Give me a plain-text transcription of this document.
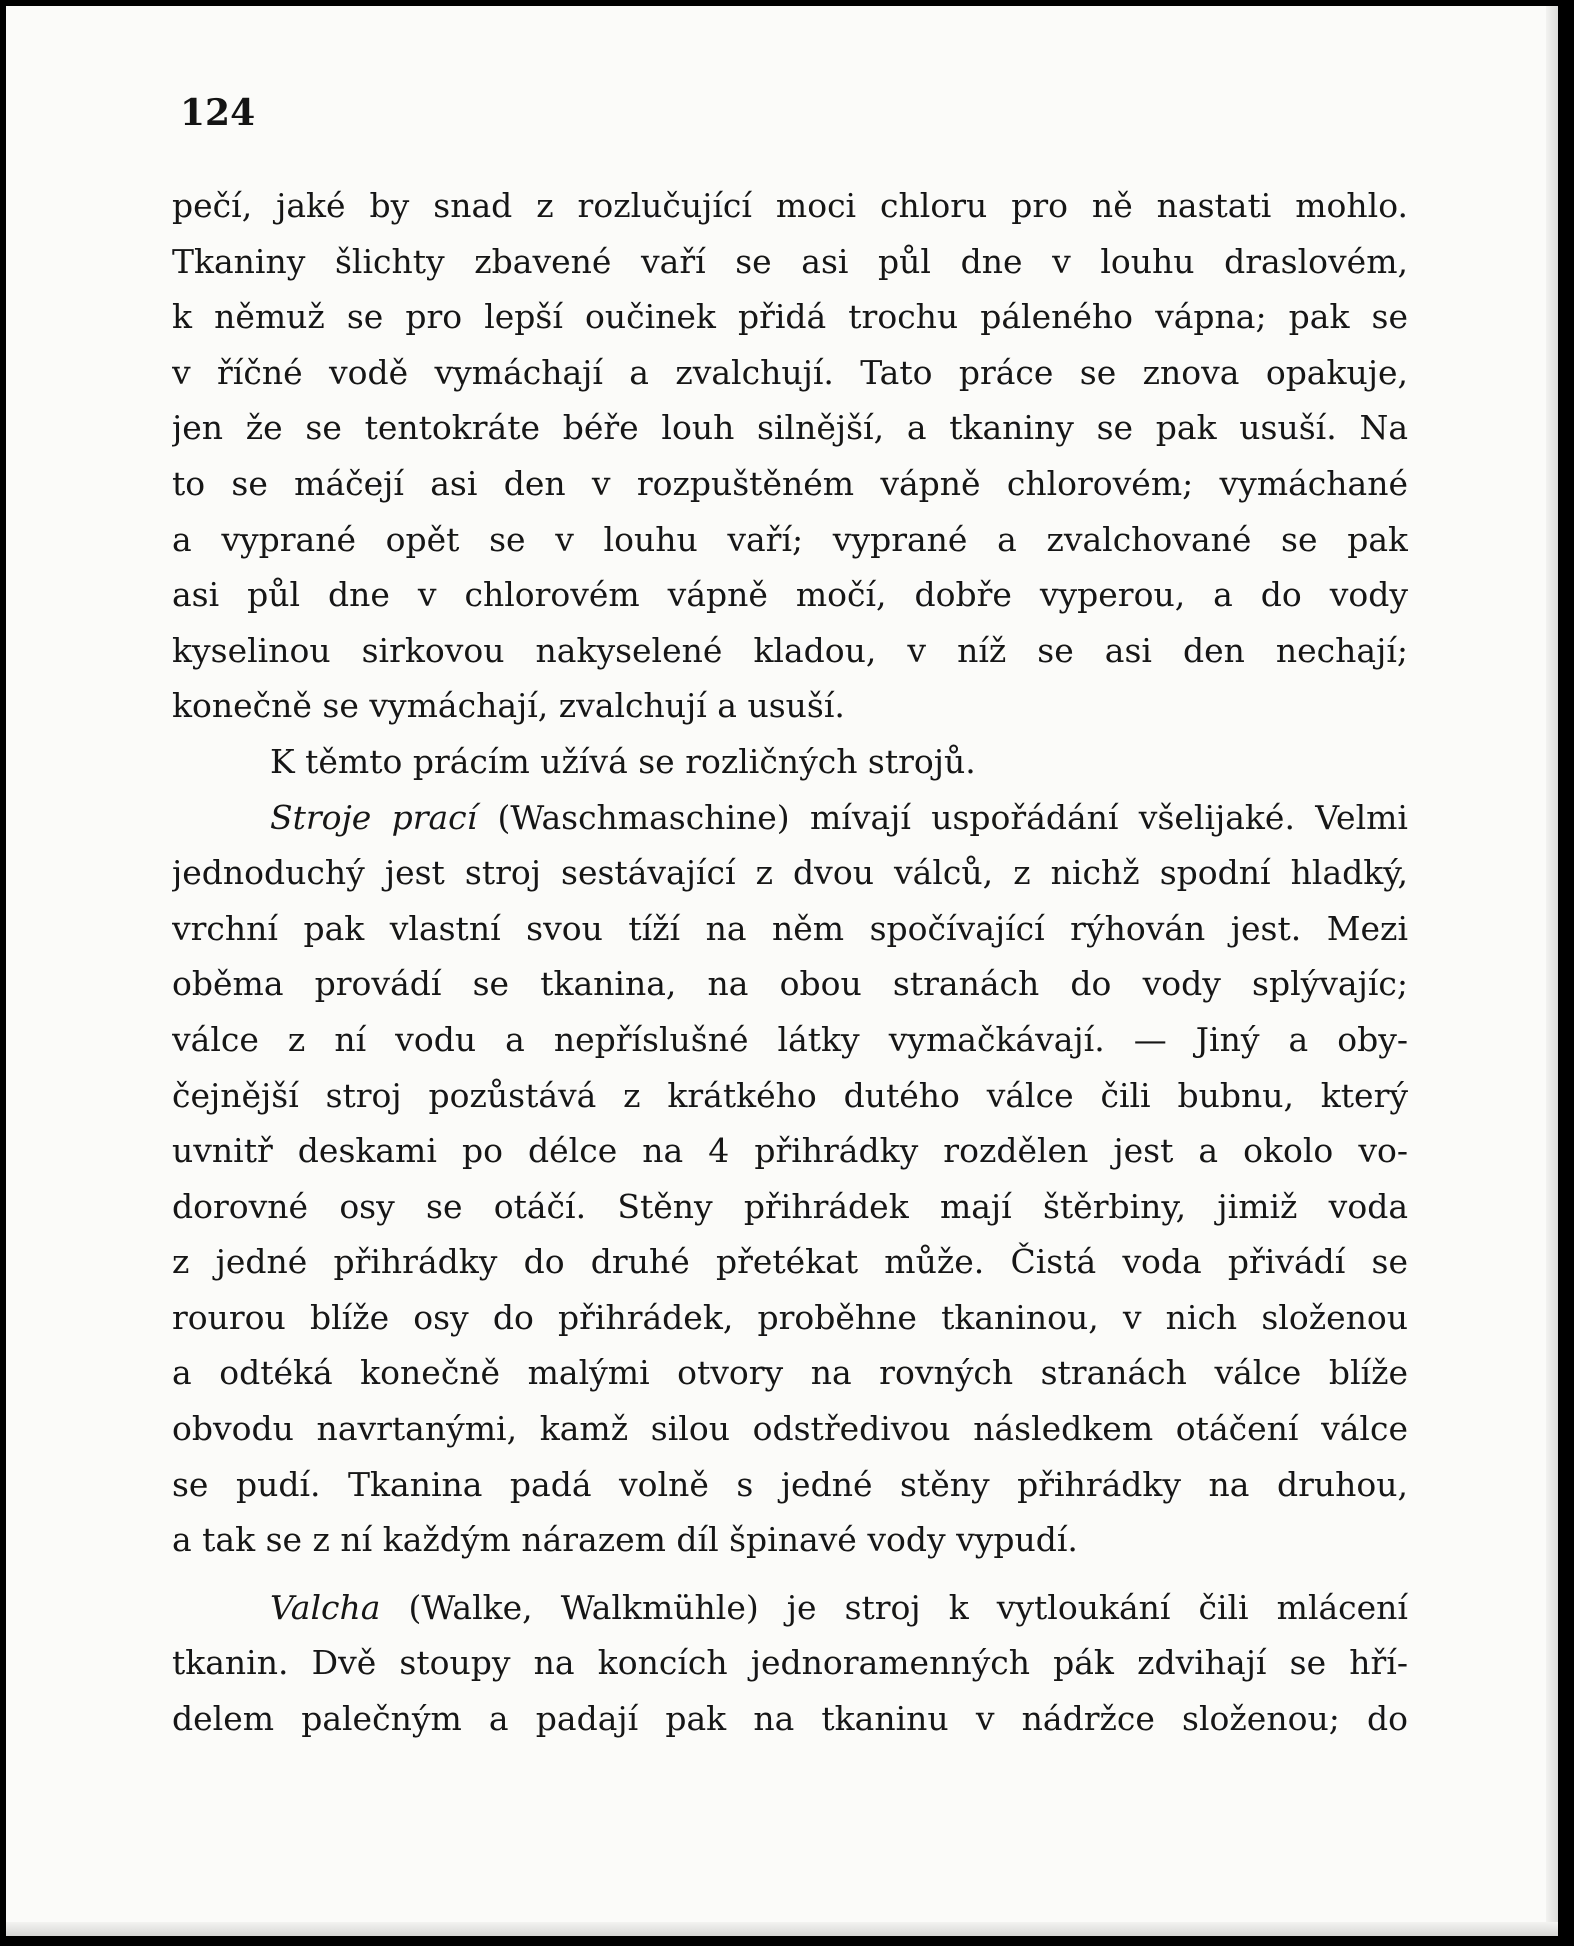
124

pečí, jaké by snad z rozlučující moci chloru pro ně nastati mohlo.
Tkaniny šlichty zbavené vaří se asi půl dne v louhu draslovém,
k němuž se pro lepší oučinek přidá trochu páleného vápna; pak se
v říčné vodě vymáchají a zvalchují. Tato práce se znova opakuje,
jen že se tentokráte béře louh silnější, a tkaniny se pak usuší. Na
to se máčejí asi den v rozpuštěném vápně chlorovém; vymáchané
a vyprané opět se v louhu vaří; vyprané a zvalchované se pak
asi půl dne v chlorovém vápně močí, dobře vyperou, a do vody
kyselinou sirkovou nakyselené kladou, v níž se asi den nechají;
konečně se vymáchají, zvalchují a usuší.
K těmto prácím užívá se rozličných strojů.
Stroje prací (Waschmaschine) mívají uspořádání všelijaké. Velmi
jednoduchý jest stroj sestávající z dvou válců, z nichž spodní hladký,
vrchní pak vlastní svou tíží na něm spočívající rýhován jest. Mezi
oběma provádí se tkanina, na obou stranách do vody splývajíc;
válce z ní vodu a nepříslušné látky vymačkávají. — Jiný a oby-
čejnější stroj pozůstává z krátkého dutého válce čili bubnu, který
uvnitř deskami po délce na 4 přihrádky rozdělen jest a okolo vo-
dorovné osy se otáčí. Stěny přihrádek mají štěrbiny, jimiž voda
z jedné přihrádky do druhé přetékat může. Čistá voda přivádí se
rourou blíže osy do přihrádek, proběhne tkaninou, v nich složenou
a odtéká konečně malými otvory na rovných stranách válce blíže
obvodu navrtanými, kamž silou odstředivou následkem otáčení válce
se pudí. Tkanina padá volně s jedné stěny přihrádky na druhou,
a tak se z ní každým nárazem díl špinavé vody vypudí.
Valcha (Walke, Walkmühle) je stroj k vytloukání čili mlácení
tkanin. Dvě stoupy na koncích jednoramenných pák zdvihají se hří-
delem palečným a padají pak na tkaninu v nádržce složenou; do
